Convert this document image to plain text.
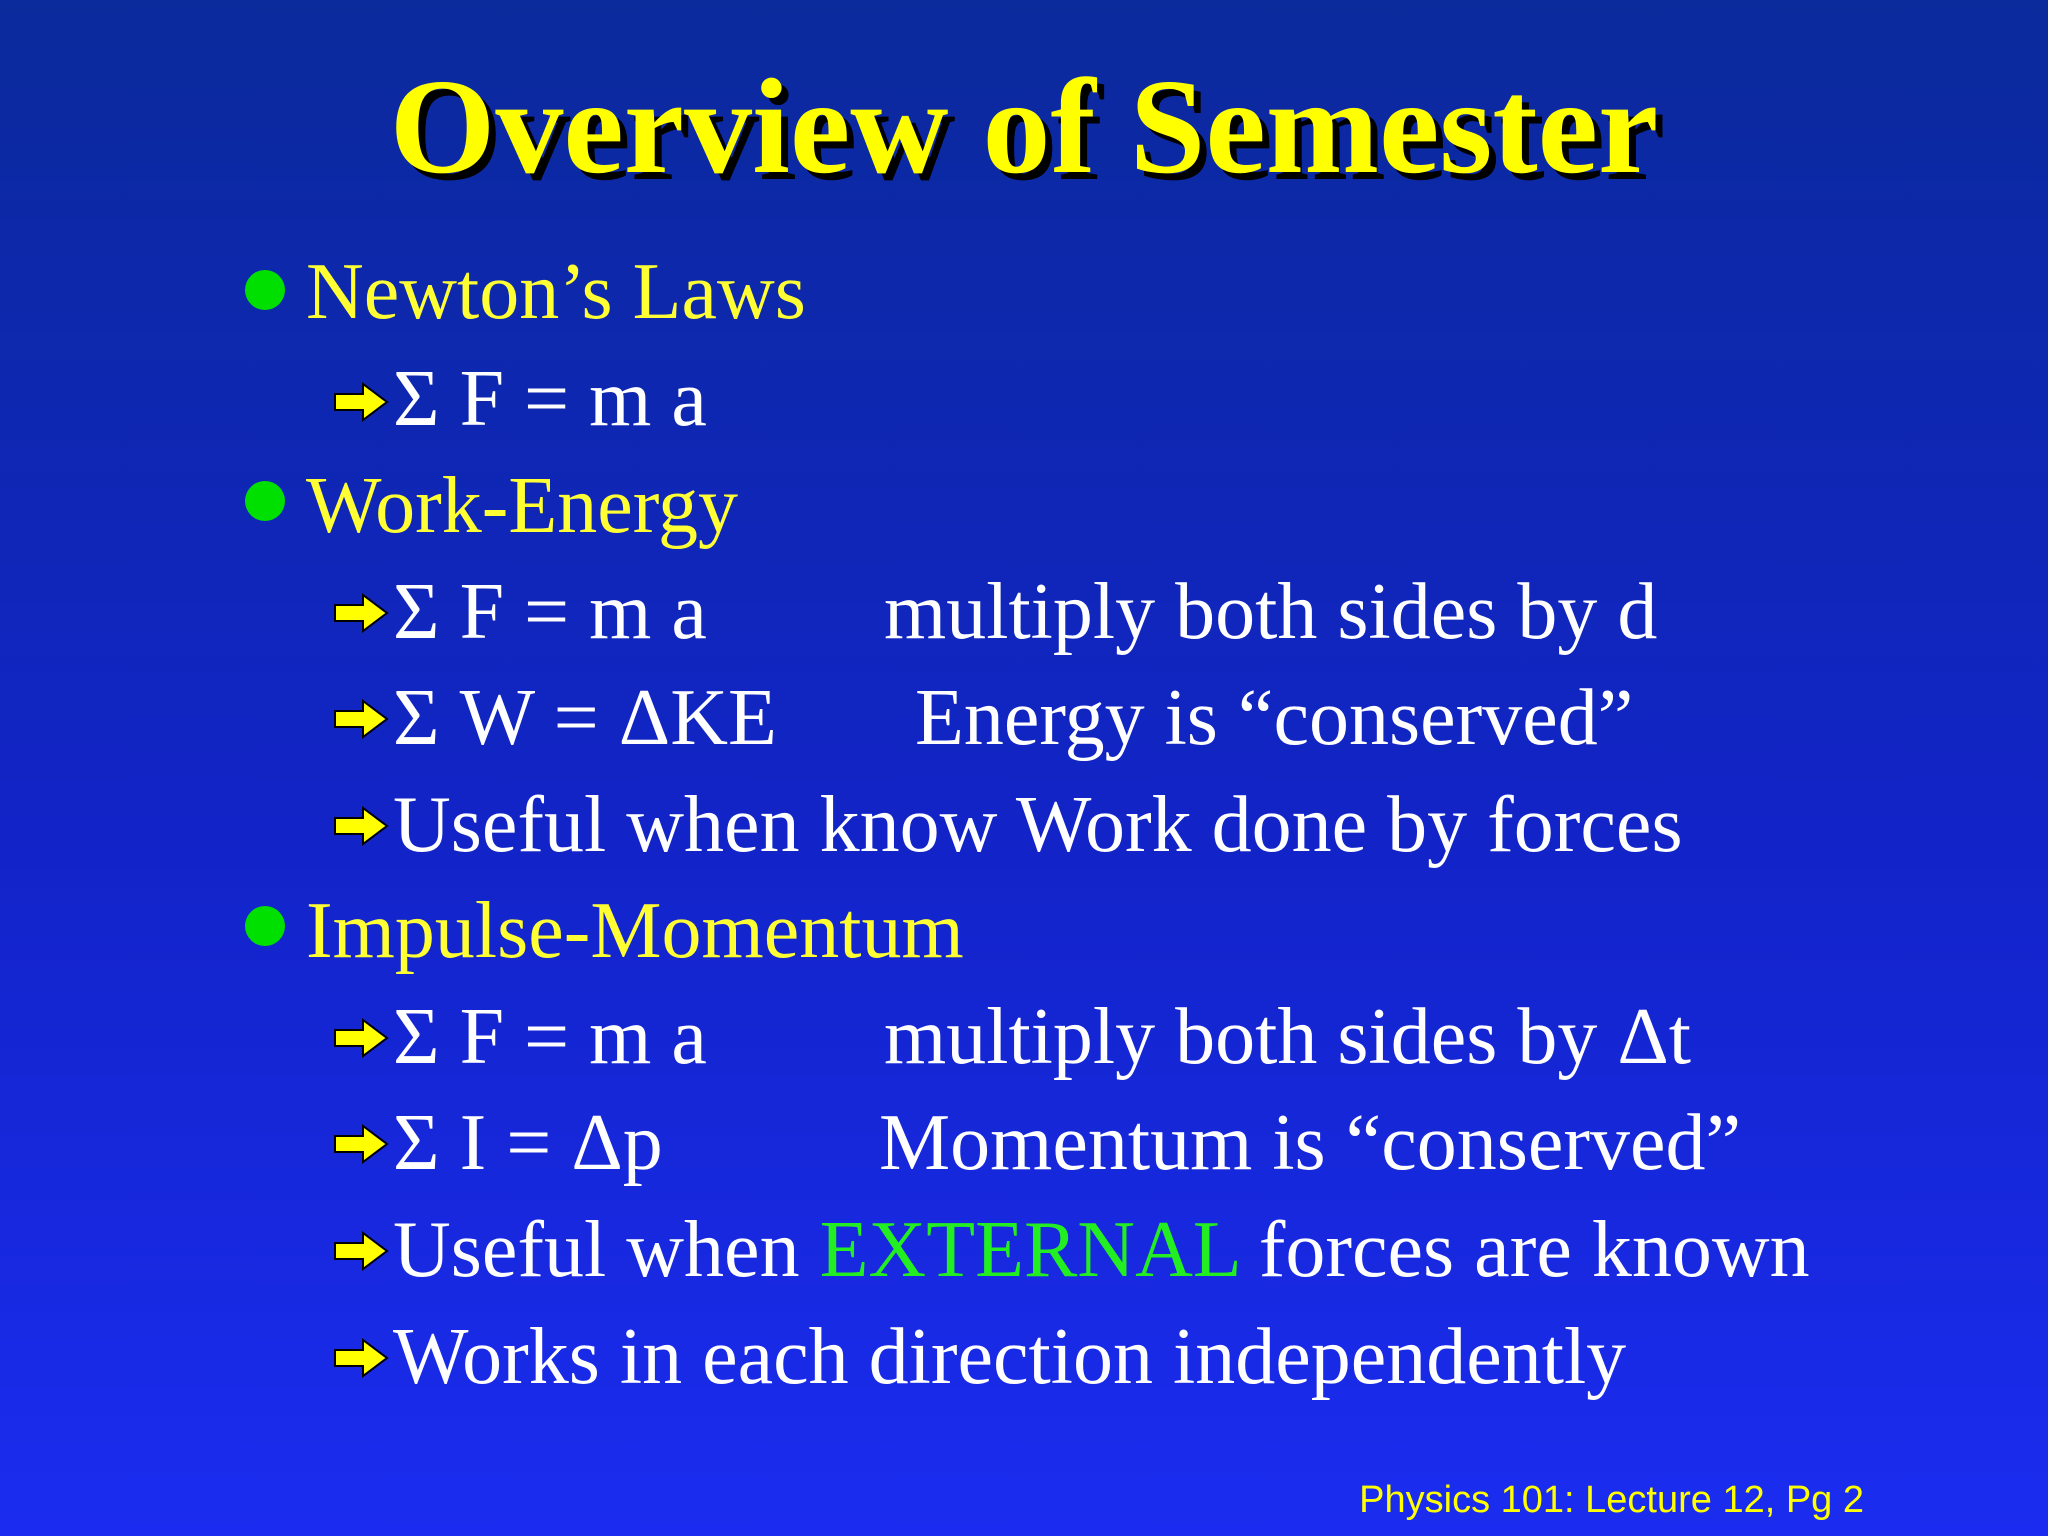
Overview of Semester
Newton’s Laws
Σ F = m a
Work-Energy
Σ F = m a multiply both sides by d
Σ W = ΔKE Energy is “conserved”
Useful when know Work done by forces
Impulse-Momentum
Σ F = m a multiply both sides by Δt
Σ I = Δp	Momentum is “conserved”
Useful when EXTERNAL forces are known
Works in each direction independently
Physics 101: Lecture 12, Pg 2
